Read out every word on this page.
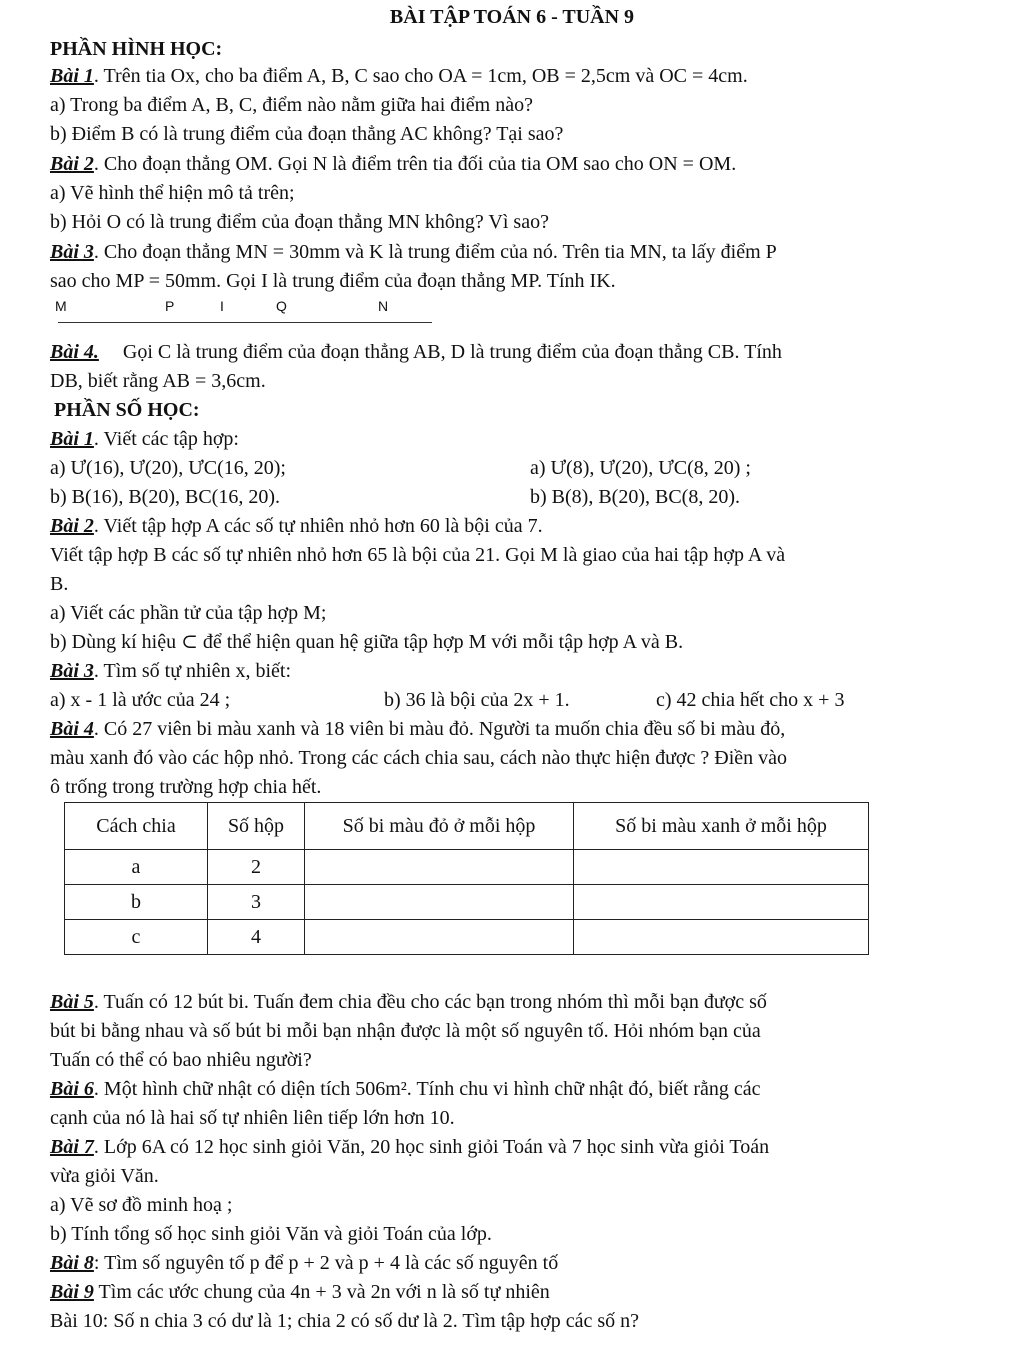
BÀI TẬP TOÁN 6 - TUẦN 9
PHẦN HÌNH HỌC:
Bài 1. Trên tia Ox, cho ba điểm A, B, C sao cho OA = 1cm, OB = 2,5cm và OC = 4cm.
a) Trong ba điểm A, B, C, điểm nào nằm giữa hai điểm nào?
b) Điểm B có là trung điểm của đoạn thẳng AC không? Tại sao?
Bài 2. Cho đoạn thẳng OM. Gọi N là điểm trên tia đối của tia OM sao cho ON = OM.
a) Vẽ hình thể hiện mô tả trên;
b) Hỏi O có là trung điểm của đoạn thẳng MN không? Vì sao?
Bài 3. Cho đoạn thẳng MN = 30mm và K là trung điểm của nó. Trên tia MN, ta lấy điểm P
sao cho MP = 50mm. Gọi I là trung điểm của đoạn thẳng MP. Tính IK.
M	P	I	Q	N
Bài 4. Gọi C là trung điểm của đoạn thẳng AB, D là trung điểm của đoạn thẳng CB. Tính
DB, biết rằng AB = 3,6cm.
PHẦN SỐ HỌC:
Bài 1. Viết các tập hợp:
a) Ư(16), Ư(20), ƯC(16, 20);	a) Ư(8), Ư(20), ƯC(8, 20) ;
b) B(16), B(20), BC(16, 20).	b) B(8), B(20), BC(8, 20).
Bài 2. Viết tập hợp A các số tự nhiên nhỏ hơn 60 là bội của 7.
Viết tập hợp B các số tự nhiên nhỏ hơn 65 là bội của 21. Gọi M là giao của hai tập hợp A và
B.
a) Viết các phần tử của tập hợp M;
b) Dùng kí hiệu ⊂ để thể hiện quan hệ giữa tập hợp M với mỗi tập hợp A và B.
Bài 3. Tìm số tự nhiên x, biết:
a) x - 1 là ước của 24 ;	b) 36 là bội của 2x + 1.	c) 42 chia hết cho x + 3
Bài 4. Có 27 viên bi màu xanh và 18 viên bi màu đỏ. Người ta muốn chia đều số bi màu đỏ,
màu xanh đó vào các hộp nhỏ. Trong các cách chia sau, cách nào thực hiện được ? Điền vào
ô trống trong trường hợp chia hết.
Cách chia	Số hộp	Số bi màu đỏ ở mỗi hộp	Số bi màu xanh ở mỗi hộp
a	2		
b	3		
c	4		
Bài 5. Tuấn có 12 bút bi. Tuấn đem chia đều cho các bạn trong nhóm thì mỗi bạn được số
bút bi bằng nhau và số bút bi mỗi bạn nhận được là một số nguyên tố. Hỏi nhóm bạn của
Tuấn có thể có bao nhiêu người?
Bài 6. Một hình chữ nhật có diện tích 506m². Tính chu vi hình chữ nhật đó, biết rằng các
cạnh của nó là hai số tự nhiên liên tiếp lớn hơn 10.
Bài 7. Lớp 6A có 12 học sinh giỏi Văn, 20 học sinh giỏi Toán và 7 học sinh vừa giỏi Toán
vừa giỏi Văn.
a) Vẽ sơ đồ minh hoạ ;
b) Tính tổng số học sinh giỏi Văn và giỏi Toán của lớp.
Bài 8: Tìm số nguyên tố p để p + 2 và p + 4 là các số nguyên tố
Bài 9 Tìm các ước chung của 4n + 3 và 2n với n là số tự nhiên
Bài 10: Số n chia 3 có dư là 1; chia 2 có số dư là 2. Tìm tập hợp các số n?
